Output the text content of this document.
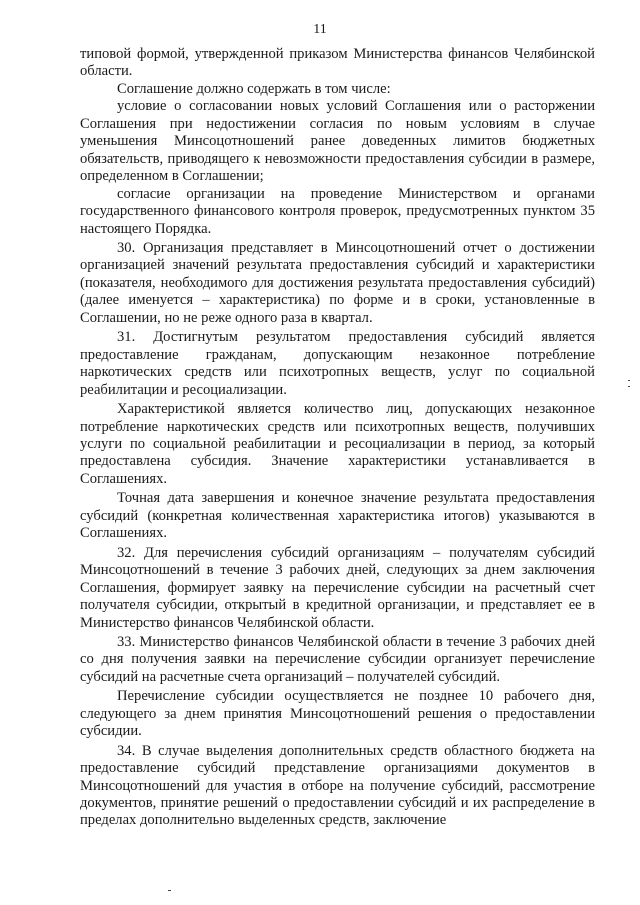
11

типовой формой, утвержденной приказом Министерства финансов Челябинской области.

Соглашение должно содержать в том числе:

условие о согласовании новых условий Соглашения или о расторжении Соглашения при недостижении согласия по новым условиям в случае уменьшения Минсоцотношений ранее доведенных лимитов бюджетных обязательств, приводящего к невозможности предоставления субсидии в размере, определенном в Соглашении;

согласие организации на проведение Министерством и органами государственного финансового контроля проверок, предусмотренных пунктом 35 настоящего Порядка.

30. Организация представляет в Минсоцотношений отчет о достижении организацией значений результата предоставления субсидий и характеристики (показателя, необходимого для достижения результата предоставления субсидий) (далее именуется – характеристика) по форме и в сроки, установленные в Соглашении, но не реже одного раза в квартал.

31. Достигнутым результатом предоставления субсидий является предоставление гражданам, допускающим незаконное потребление наркотических средств или психотропных веществ, услуг по социальной реабилитации и ресоциализации.

Характеристикой является количество лиц, допускающих незаконное потребление наркотических средств или психотропных веществ, получивших услуги по социальной реабилитации и ресоциализации в период, за который предоставлена субсидия. Значение характеристики устанавливается в Соглашениях.

Точная дата завершения и конечное значение результата предоставления субсидий (конкретная количественная характеристика итогов) указываются в Соглашениях.

32. Для перечисления субсидий организациям – получателям субсидий Минсоцотношений в течение 3 рабочих дней, следующих за днем заключения Соглашения, формирует заявку на перечисление субсидии на расчетный счет получателя субсидии, открытый в кредитной организации, и представляет ее в Министерство финансов Челябинской области.

33. Министерство финансов Челябинской области в течение 3 рабочих дней со дня получения заявки на перечисление субсидии организует перечисление субсидий на расчетные счета организаций – получателей субсидий.

Перечисление субсидии осуществляется не позднее 10 рабочего дня, следующего за днем принятия Минсоцотношений решения о предоставлении субсидии.

34. В случае выделения дополнительных средств областного бюджета на предоставление субсидий представление организациями документов в Минсоцотношений для участия в отборе на получение субсидий, рассмотрение документов, принятие решений о предоставлении субсидий и их распределение в пределах дополнительно выделенных средств, заключение
